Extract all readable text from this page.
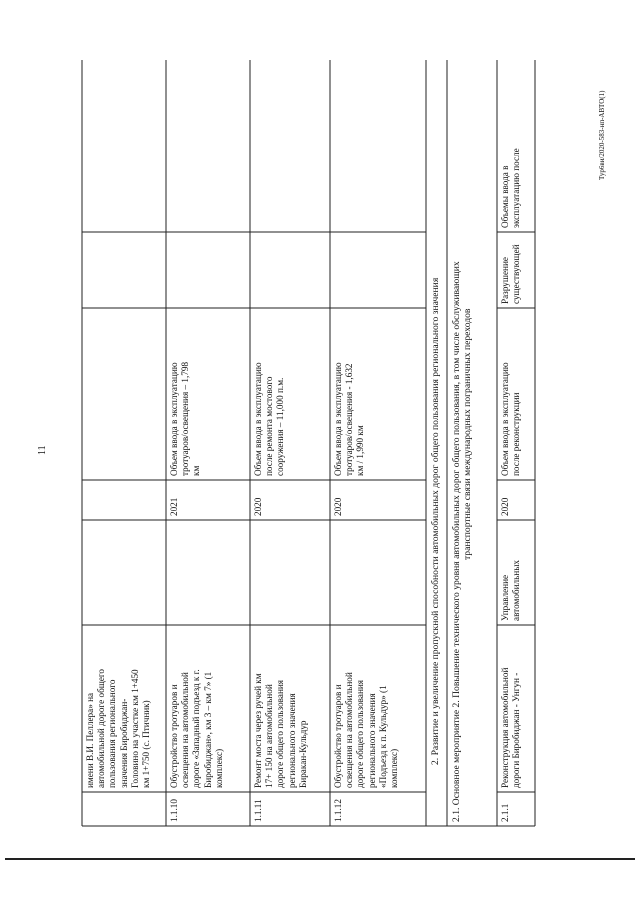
11
имени В.И. Пеллера» на автомобильной дороге общего пользования регионального значения Биробиджан- Головино на участке км 1+450 км 1+750 (с. Птичник)
1.1.10
Обустройство тротуаров и освещения на автомобильной дороге «Западный подъезд к г. Биробиджан», км 3 – км 7» (1 комплекс)
2021
Объем ввода в эксплуатацию тротуаров/освещения – 1,798 км
1.1.11
Ремонт моста через ручей км 17+ 150 на автомобильной дороге общего пользования регионального значения Биракан-Кульдур
2020
Объем ввода в эксплуатацию после ремонта мостового сооружения – 11,000 п.м.
1.1.12
Обустройство тротуаров и освещения на автомобильной дороге общего пользования регионального значения «Подъезд к п. Кульдур» (1 комплекс)
2020
Объем ввода в эксплуатацию тротуаров/освещения - 1,632 км / 1,990 км	2. Развитие и увеличение пропускной способности автомобильных дорог общего пользования регионального значения 2.1. Основное мероприятие 2. Повышение технического уровня автомобильных дорог общего пользования, в том числе обслуживающих транспортные связи международных пограничных переходов
2.1.1
Реконструкция автомобильной дороги Биробиджан - Унгун -
Управление автомобильных
2020
Объем ввода в эксплуатацию после реконструкции
Разрушение существующей
Объемы ввода в эксплуатацию после
Тур6ви/2020-583-нп-АВТО(1)
